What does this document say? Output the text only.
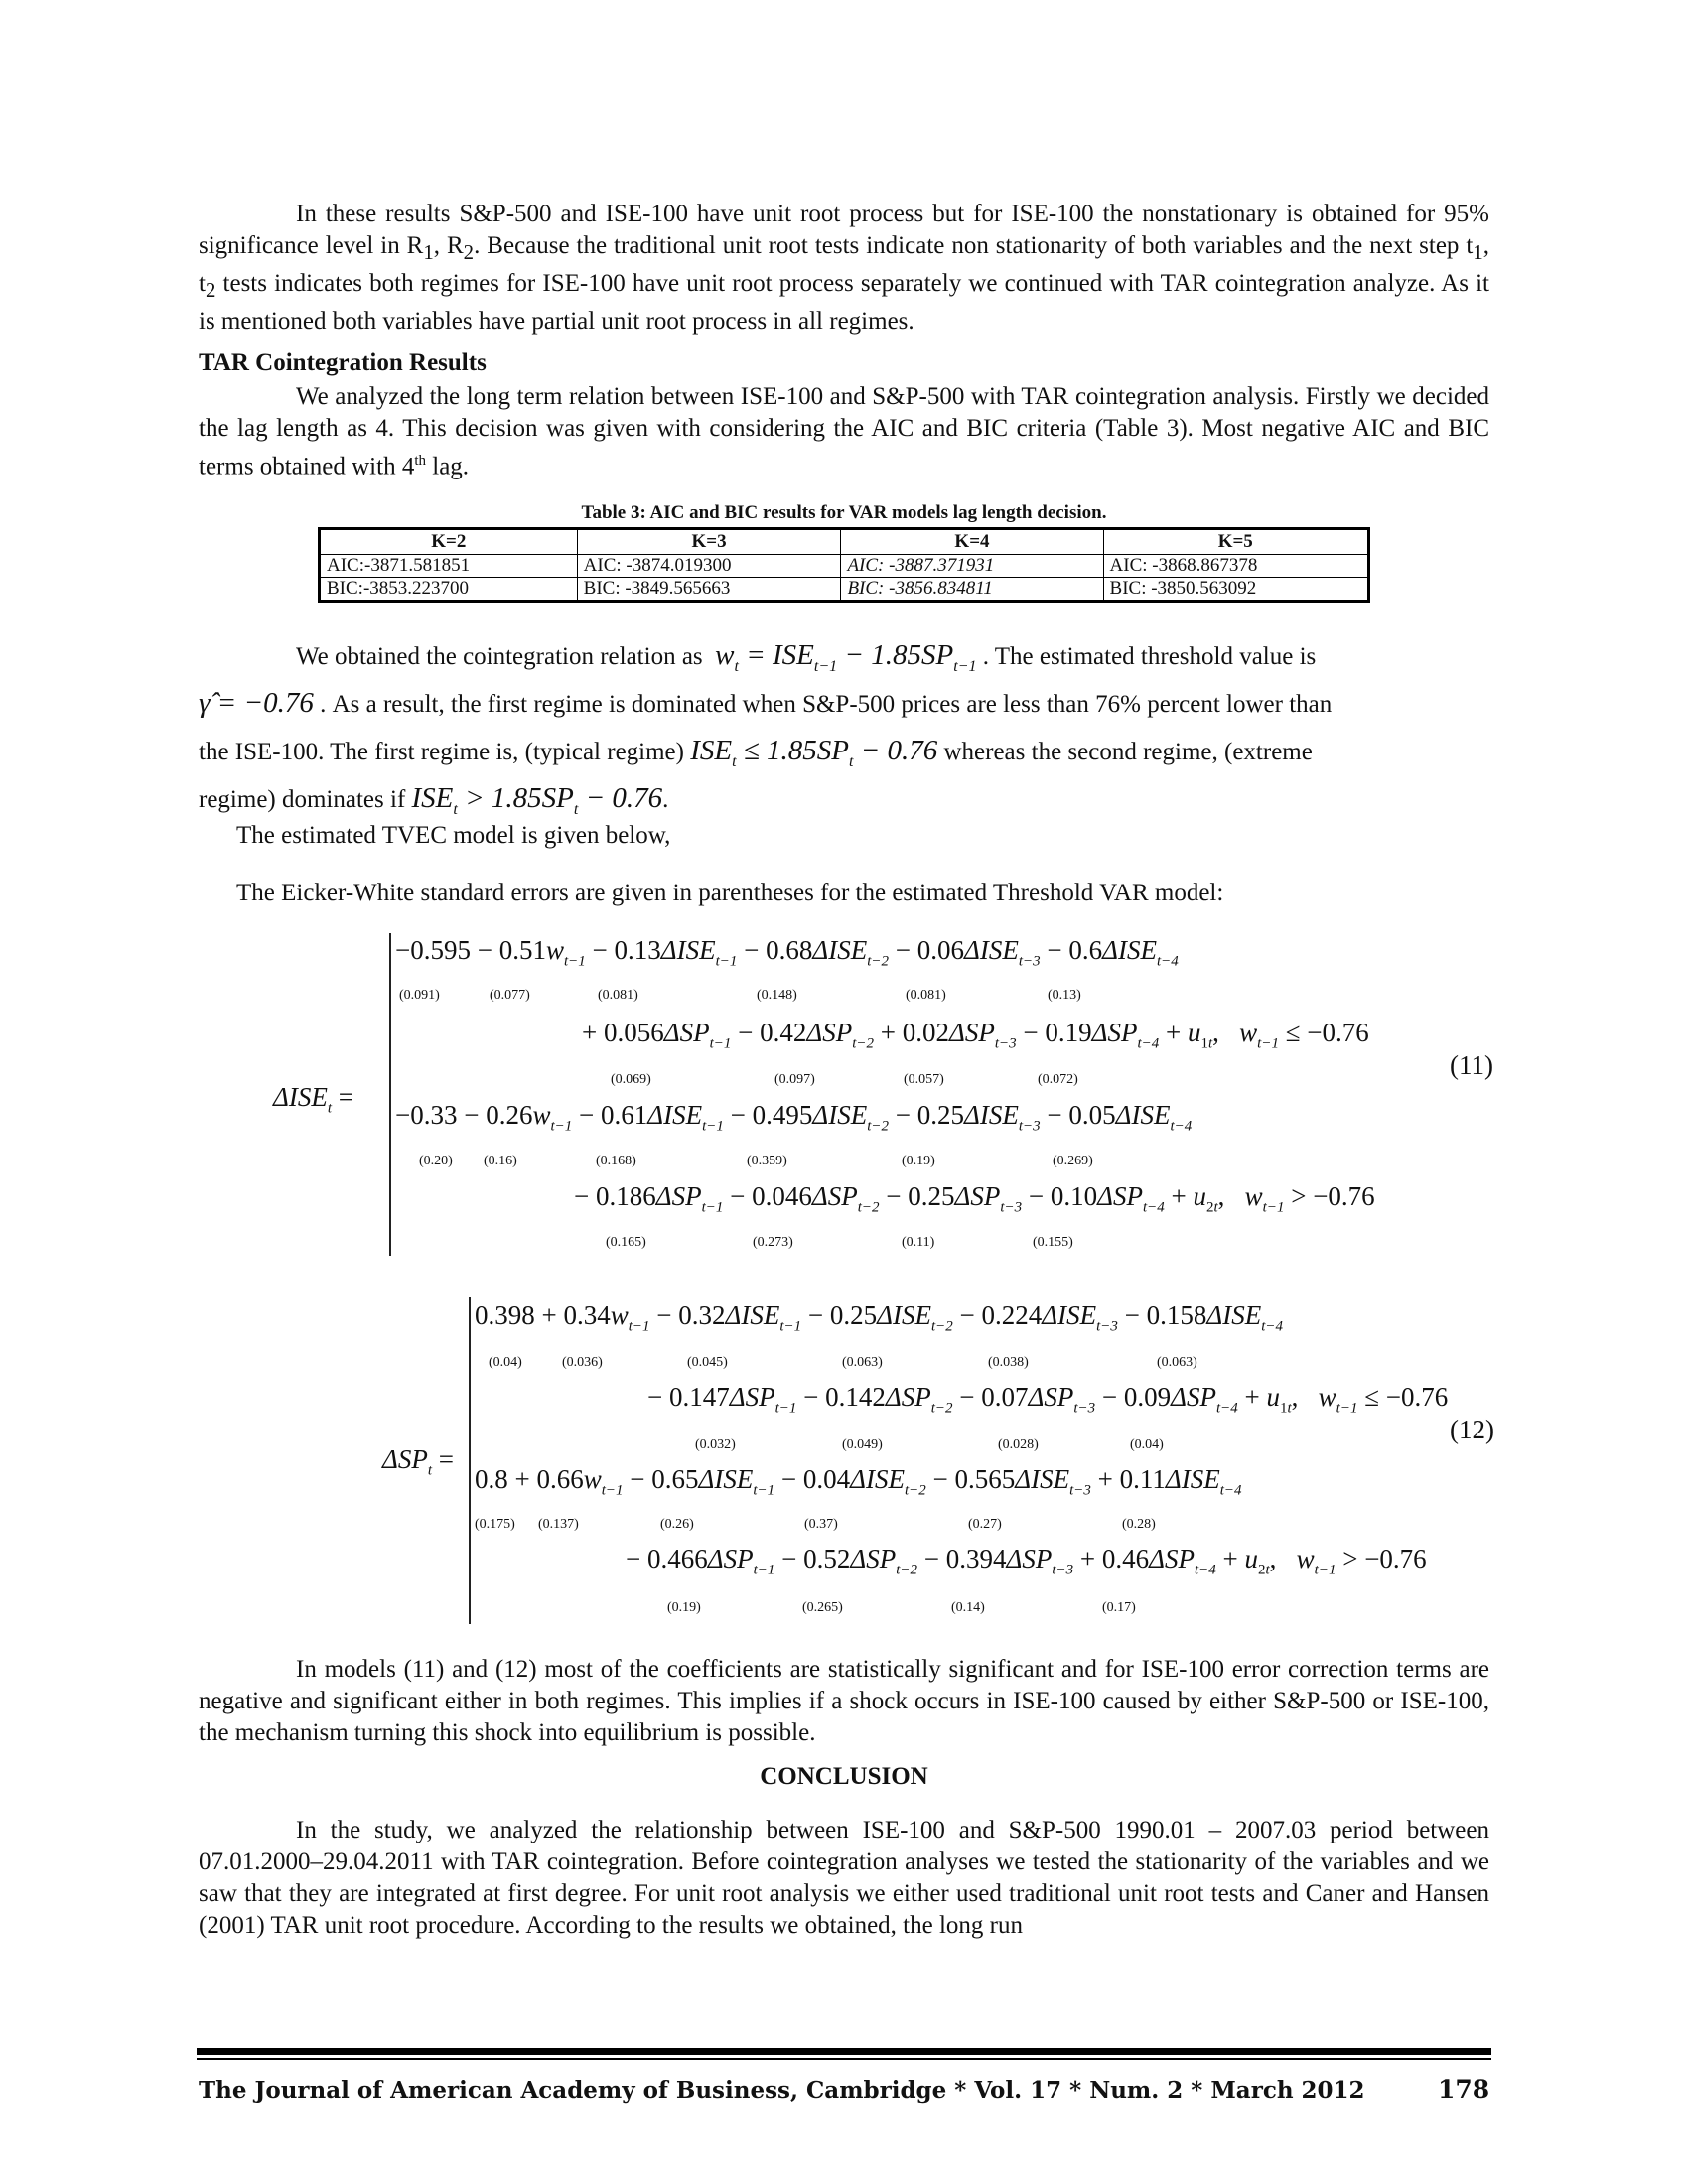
In these results S&P-500 and ISE-100 have unit root process but for ISE-100 the nonstationary is obtained for 95% significance level in $R_1$, $R_2$. Because the traditional unit root tests indicate non stationarity of both variables and the next step $t_1$, $t_2$ tests indicates both regimes for ISE-100 have unit root process separately we continued with TAR cointegration analyze. As it is mentioned both variables have partial unit root process in all regimes.

TAR Cointegration Results

We analyzed the long term relation between ISE-100 and S&P-500 with TAR cointegration analysis. Firstly we decided the lag length as 4. This decision was given with considering the AIC and BIC criteria (Table 3). Most negative AIC and BIC terms obtained with 4th lag.

Table 3: AIC and BIC results for VAR models lag length decision.
K=2	K=3	K=4	K=5
AIC:-3871.581851	AIC: -3874.019300	AIC: -3887.371931	AIC: -3868.867378
BIC:-3853.223700	BIC: -3849.565663	BIC: -3856.834811	BIC: -3850.563092
We obtained the cointegration relation as $w_t = ISE_{t-1} - 1.85SP_{t-1}$ . The estimated threshold value is
γ̂ = −0.76 . As a result, the first regime is dominated when S&P-500 prices are less than 76% percent lower than
the ISE-100. The first regime is, (typical regime) $ISE_t \le 1.85SP_t - 0.76$ whereas the second regime, (extreme
regime) dominates if $ISE_t > 1.85SP_t - 0.76$.
The estimated TVEC model is given below,
The Eicker-White standard errors are given in parentheses for the estimated Threshold VAR model:
$\Delta ISE_t$ =
(11)
$-0.595 - 0.51w_{t-1} - 0.13\Delta ISE_{t-1} - 0.68\Delta ISE_{t-2} - 0.06\Delta ISE_{t-3} - 0.6\Delta ISE_{t-4}$
(0.091)	(0.077)	(0.081)	(0.148)	(0.081)	(0.13)
+ $0.056\Delta SP_{t-1} - 0.42\Delta SP_{t-2} + 0.02\Delta SP_{t-3} - 0.19\Delta SP_{t-4} + u_{1t}$,   $w_{t-1} \le -0.76$
(0.069)	(0.097)	(0.057)	(0.072)
$-0.33 - 0.26w_{t-1} - 0.61\Delta ISE_{t-1} - 0.495\Delta ISE_{t-2} - 0.25\Delta ISE_{t-3} - 0.05\Delta ISE_{t-4}$
(0.20) (0.16)	(0.168)	(0.359)	(0.19)	(0.269)
− $0.186\Delta SP_{t-1} - 0.046\Delta SP_{t-2} - 0.25\Delta SP_{t-3} - 0.10\Delta SP_{t-4} + u_{2t}$,   $w_{t-1} > -0.76$
(0.165)	(0.273)	(0.11)	(0.155)
$\Delta SP_t$ =
(12)
$0.398 + 0.34w_{t-1} - 0.32\Delta ISE_{t-1} - 0.25\Delta ISE_{t-2} - 0.224\Delta ISE_{t-3} - 0.158\Delta ISE_{t-4}$
(0.04)	(0.036)	(0.045)	(0.063)	(0.038)	(0.063)
− $0.147\Delta SP_{t-1} - 0.142\Delta SP_{t-2} - 0.07\Delta SP_{t-3} - 0.09\Delta SP_{t-4} + u_{1t}$,   $w_{t-1} \le -0.76$
(0.032)	(0.049)	(0.028)	(0.04)
$0.8 + 0.66w_{t-1} - 0.65\Delta ISE_{t-1} - 0.04\Delta ISE_{t-2} - 0.565\Delta ISE_{t-3} + 0.11\Delta ISE_{t-4}$
(0.175) (0.137)	(0.26)	(0.37)	(0.27)	(0.28)
− $0.466\Delta SP_{t-1} - 0.52\Delta SP_{t-2} - 0.394\Delta SP_{t-3} + 0.46\Delta SP_{t-4} + u_{2t}$,   $w_{t-1} > -0.76$
(0.19)	(0.265)	(0.14)	(0.17)

In models (11) and (12) most of the coefficients are statistically significant and for ISE-100 error correction terms are negative and significant either in both regimes. This implies if a shock occurs in ISE-100 caused by either S&P-500 or ISE-100, the mechanism turning this shock into equilibrium is possible.

CONCLUSION

In the study, we analyzed the relationship between ISE-100 and S&P-500 1990.01 – 2007.03 period between 07.01.2000–29.04.2011 with TAR cointegration. Before cointegration analyses we tested the stationarity of the variables and we saw that they are integrated at first degree. For unit root analysis we either used traditional unit root tests and Caner and Hansen (2001) TAR unit root procedure. According to the results we obtained, the long run

The Journal of American Academy of Business, Cambridge * Vol. 17 * Num. 2 * March 2012	178
